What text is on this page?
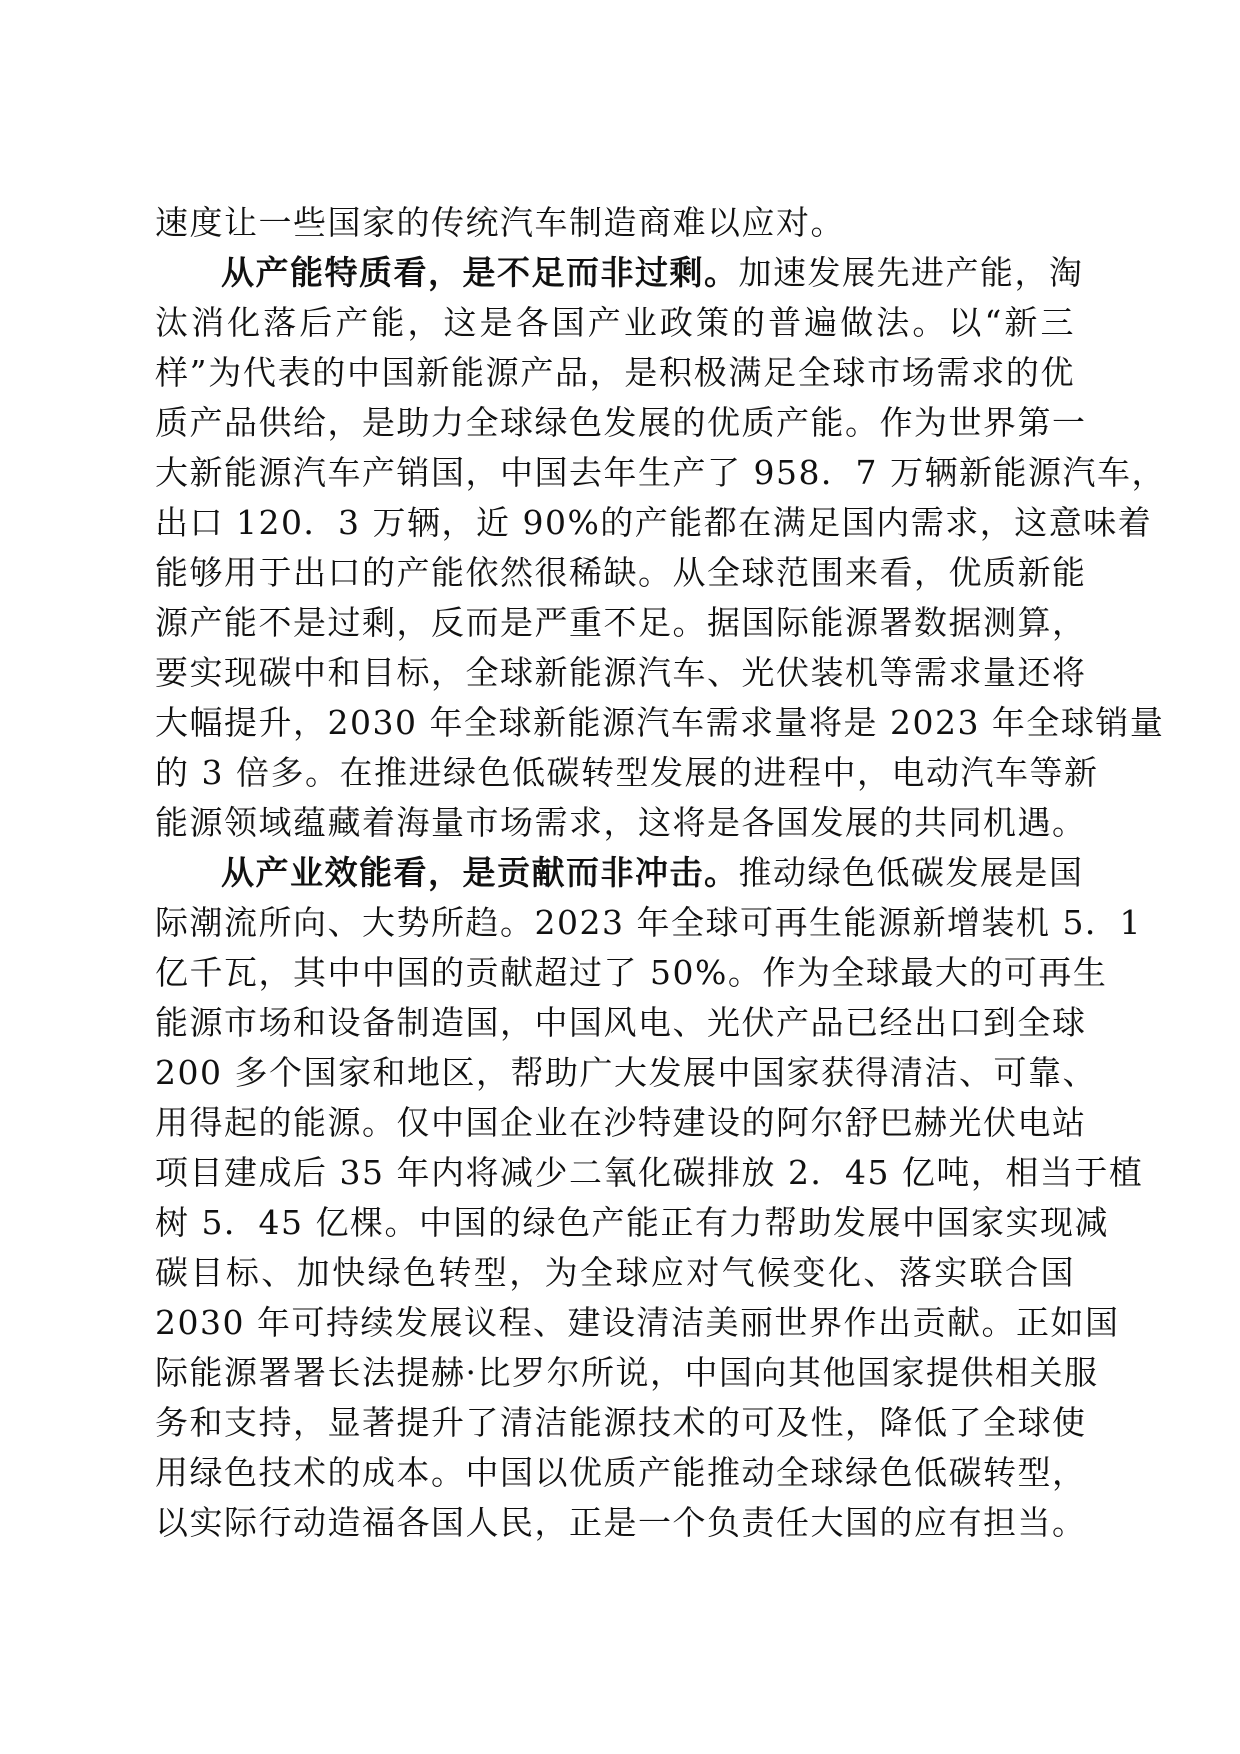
速度让一些国家的传统汽车制造商难以应对。
从产能特质看，是不足而非过剩。加速发展先进产能，淘
汰消化落后产能，这是各国产业政策的普遍做法。以“新三
样”为代表的中国新能源产品，是积极满足全球市场需求的优
质产品供给，是助力全球绿色发展的优质产能。作为世界第一
大新能源汽车产销国，中国去年生产了 958．7 万辆新能源汽车，
出口 120．3 万辆，近 90%的产能都在满足国内需求，这意味着
能够用于出口的产能依然很稀缺。从全球范围来看，优质新能
源产能不是过剩，反而是严重不足。据国际能源署数据测算，
要实现碳中和目标，全球新能源汽车、光伏装机等需求量还将
大幅提升，2030 年全球新能源汽车需求量将是 2023 年全球销量
的 3 倍多。在推进绿色低碳转型发展的进程中，电动汽车等新
能源领域蕴藏着海量市场需求，这将是各国发展的共同机遇。
从产业效能看，是贡献而非冲击。推动绿色低碳发展是国
际潮流所向、大势所趋。2023 年全球可再生能源新增装机 5．1
亿千瓦，其中中国的贡献超过了 50%。作为全球最大的可再生
能源市场和设备制造国，中国风电、光伏产品已经出口到全球
200 多个国家和地区，帮助广大发展中国家获得清洁、可靠、
用得起的能源。仅中国企业在沙特建设的阿尔舒巴赫光伏电站
项目建成后 35 年内将减少二氧化碳排放 2．45 亿吨，相当于植
树 5．45 亿棵。中国的绿色产能正有力帮助发展中国家实现减
碳目标、加快绿色转型，为全球应对气候变化、落实联合国
2030 年可持续发展议程、建设清洁美丽世界作出贡献。正如国
际能源署署长法提赫·比罗尔所说，中国向其他国家提供相关服
务和支持，显著提升了清洁能源技术的可及性，降低了全球使
用绿色技术的成本。中国以优质产能推动全球绿色低碳转型，
以实际行动造福各国人民，正是一个负责任大国的应有担当。
